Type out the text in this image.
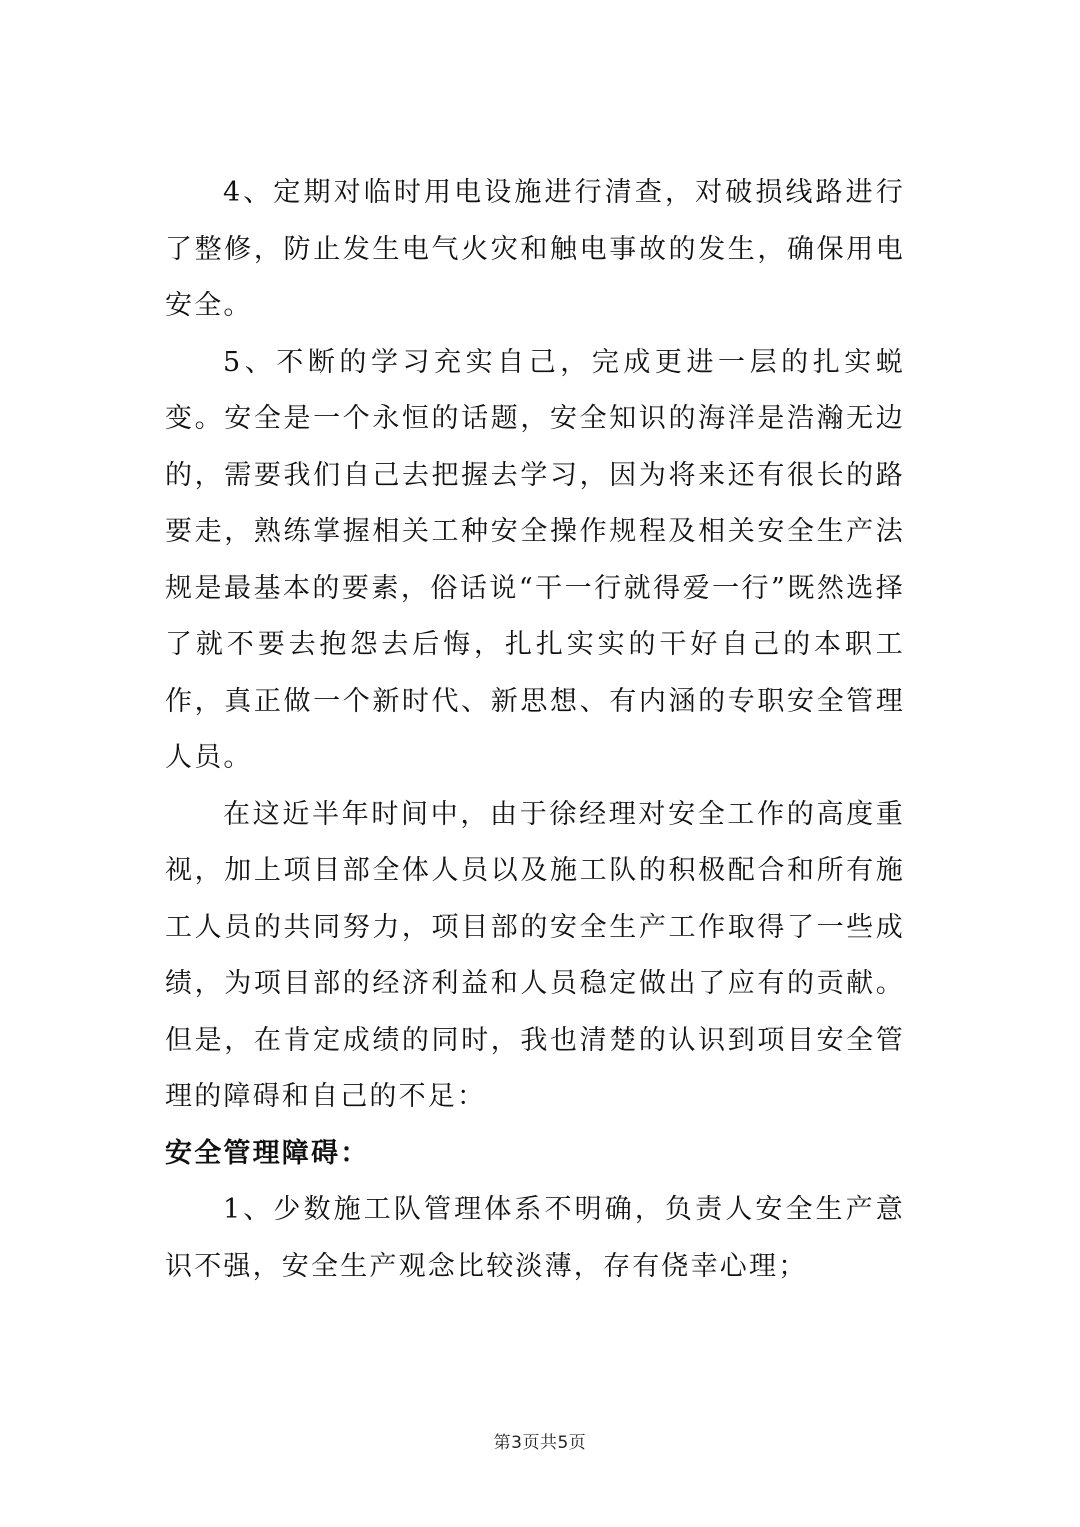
4、定期对临时用电设施进行清查，对破损线路进行了整修，防止发生电气火灾和触电事故的发生，确保用电安全。

5、不断的学习充实自己，完成更进一层的扎实蜕变。安全是一个永恒的话题，安全知识的海洋是浩瀚无边的，需要我们自己去把握去学习，因为将来还有很长的路要走，熟练掌握相关工种安全操作规程及相关安全生产法规是最基本的要素，俗话说“干一行就得爱一行”既然选择了就不要去抱怨去后悔，扎扎实实的干好自己的本职工作，真正做一个新时代、新思想、有内涵的专职安全管理人员。

在这近半年时间中，由于徐经理对安全工作的高度重视，加上项目部全体人员以及施工队的积极配合和所有施工人员的共同努力，项目部的安全生产工作取得了一些成绩，为项目部的经济利益和人员稳定做出了应有的贡献。但是，在肯定成绩的同时，我也清楚的认识到项目安全管理的障碍和自己的不足：

安全管理障碍：

1、少数施工队管理体系不明确，负责人安全生产意识不强，安全生产观念比较淡薄，存有侥幸心理；

第3页共5页
